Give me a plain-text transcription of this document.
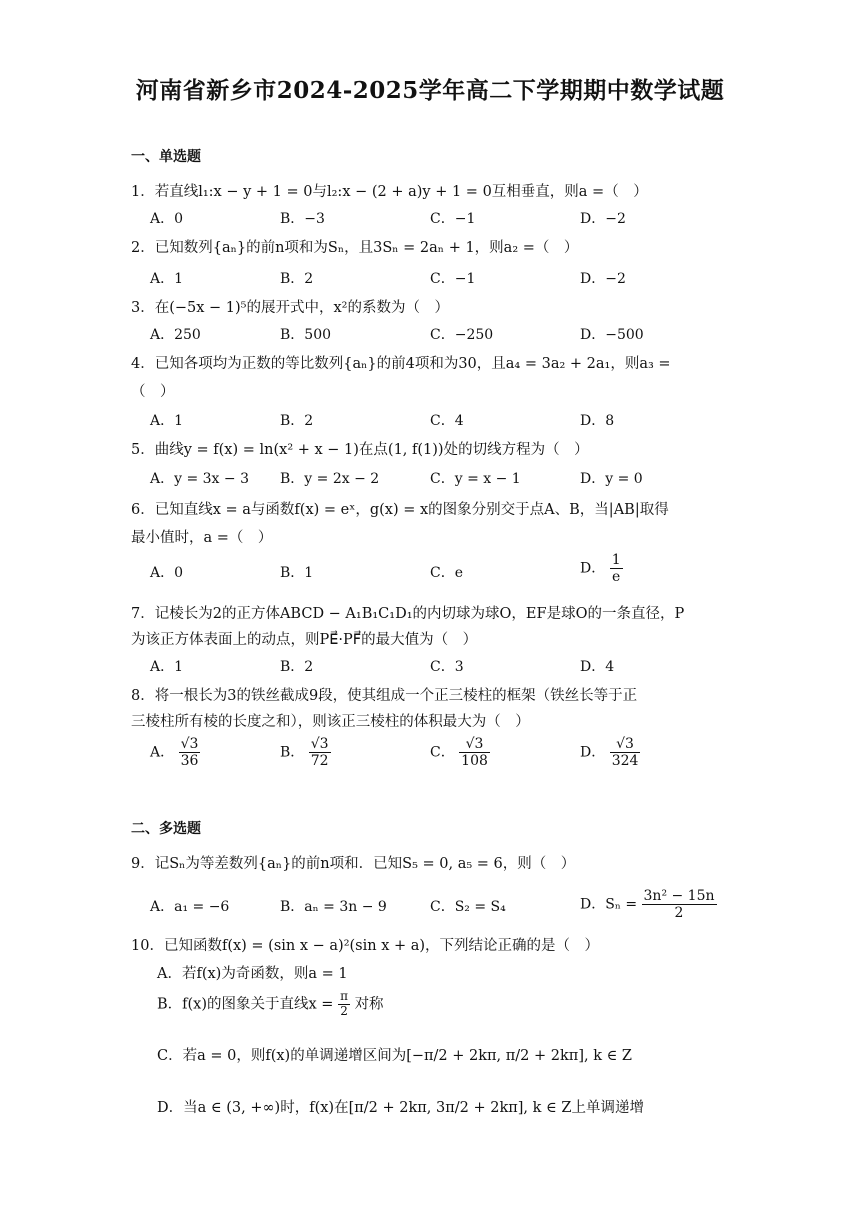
河南省新乡市2024-2025学年高二下学期期中数学试题
一、单选题
1．若直线l₁:x − y + 1 = 0与l₂:x − (2 + a)y + 1 = 0互相垂直，则a =（　）
A．0	B．−3	C．−1	D．−2
2．已知数列{aₙ}的前n项和为Sₙ，且3Sₙ = 2aₙ + 1，则a₂ =（　）
A．1	B．2	C．−1	D．−2
3．在(−5x − 1)⁵的展开式中，x²的系数为（　）
A．250	B．500	C．−250	D．−500
4．已知各项均为正数的等比数列{aₙ}的前4项和为30，且a₄ = 3a₂ + 2a₁，则a₃ =
（　）
A．1	B．2	C．4	D．8
5．曲线y = f(x) = ln(x² + x − 1)在点(1, f(1))处的切线方程为（　）
A．y = 3x − 3 B．y = 2x − 2	C．y = x − 1	D．y = 0
6．已知直线x = a与函数f(x) = eˣ，g(x) = x的图象分别交于点A、B，当|AB|取得
最小值时，a =（　）
A．0	B．1	C．e	D． $\frac{1}{e}$
7．记棱长为2的正方体ABCD − A₁B₁C₁D₁的内切球为球O，EF是球O的一条直径，P
为该正方体表面上的动点，则PE⃗·PF⃗的最大值为（　）
A．1	B．2	C．3	D．4
8．将一根长为3的铁丝截成9段，使其组成一个正三棱柱的框架（铁丝长等于正
三棱柱所有棱的长度之和），则该正三棱柱的体积最大为（　）
A． $\frac{√3}{36}$	B． $\frac{√3}{72}$	C． $\frac{√3}{108}$	D． $\frac{√3}{324}$
二、多选题
9．记Sₙ为等差数列{aₙ}的前n项和．已知S₅ = 0, a₅ = 6，则（　）
A．a₁ = −6	B．aₙ = 3n − 9	C．S₂ = S₄	D．$S_n = \frac{\text{3n² − 15n}}{2}$
10．已知函数f(x) = (sin x − a)²(sin x + a)，下列结论正确的是（　）
A．若f(x)为奇函数，则a = 1
B．f(x)的图象关于直线$x = \frac{\pi}{2}$ 对称
C．若a = 0，则f(x)的单调递增区间为[−π/2 + 2kπ, π/2 + 2kπ], k ∈ Z
D．当a ∈ (3, +∞)时，f(x)在[π/2 + 2kπ, 3π/2 + 2kπ], k ∈ Z上单调递增
